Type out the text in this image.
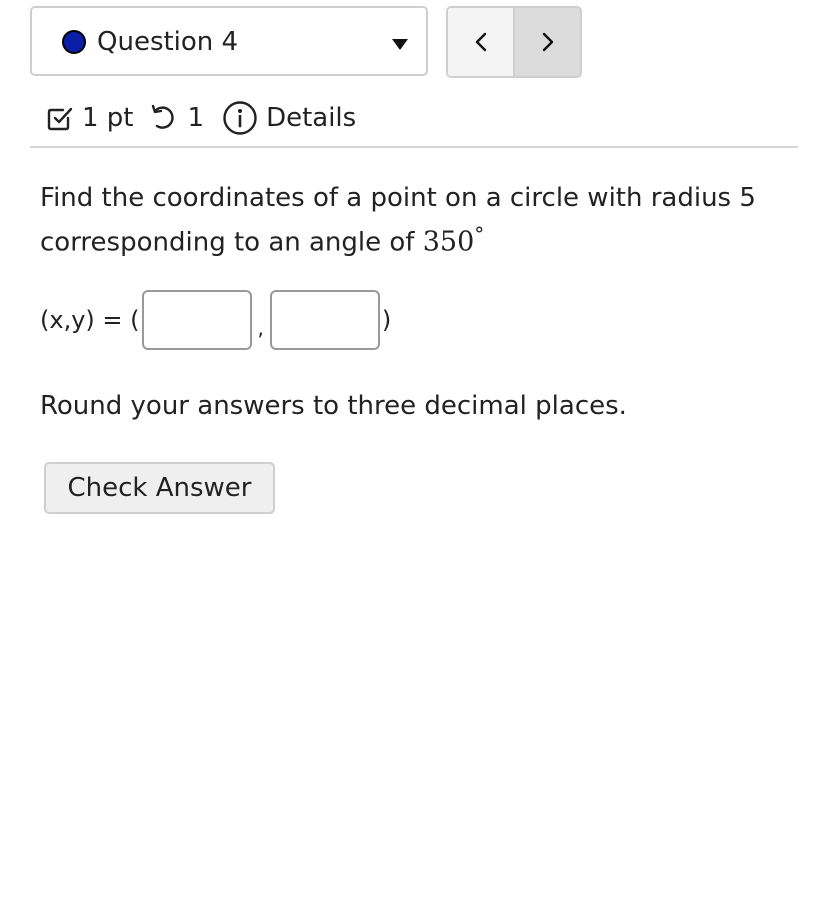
Question 4
1 pt 1 Details
Find the coordinates of a point on a circle with radius 5 corresponding to an angle of 350°
(x,y) = (	,	)
Round your answers to three decimal places.
Check Answer
